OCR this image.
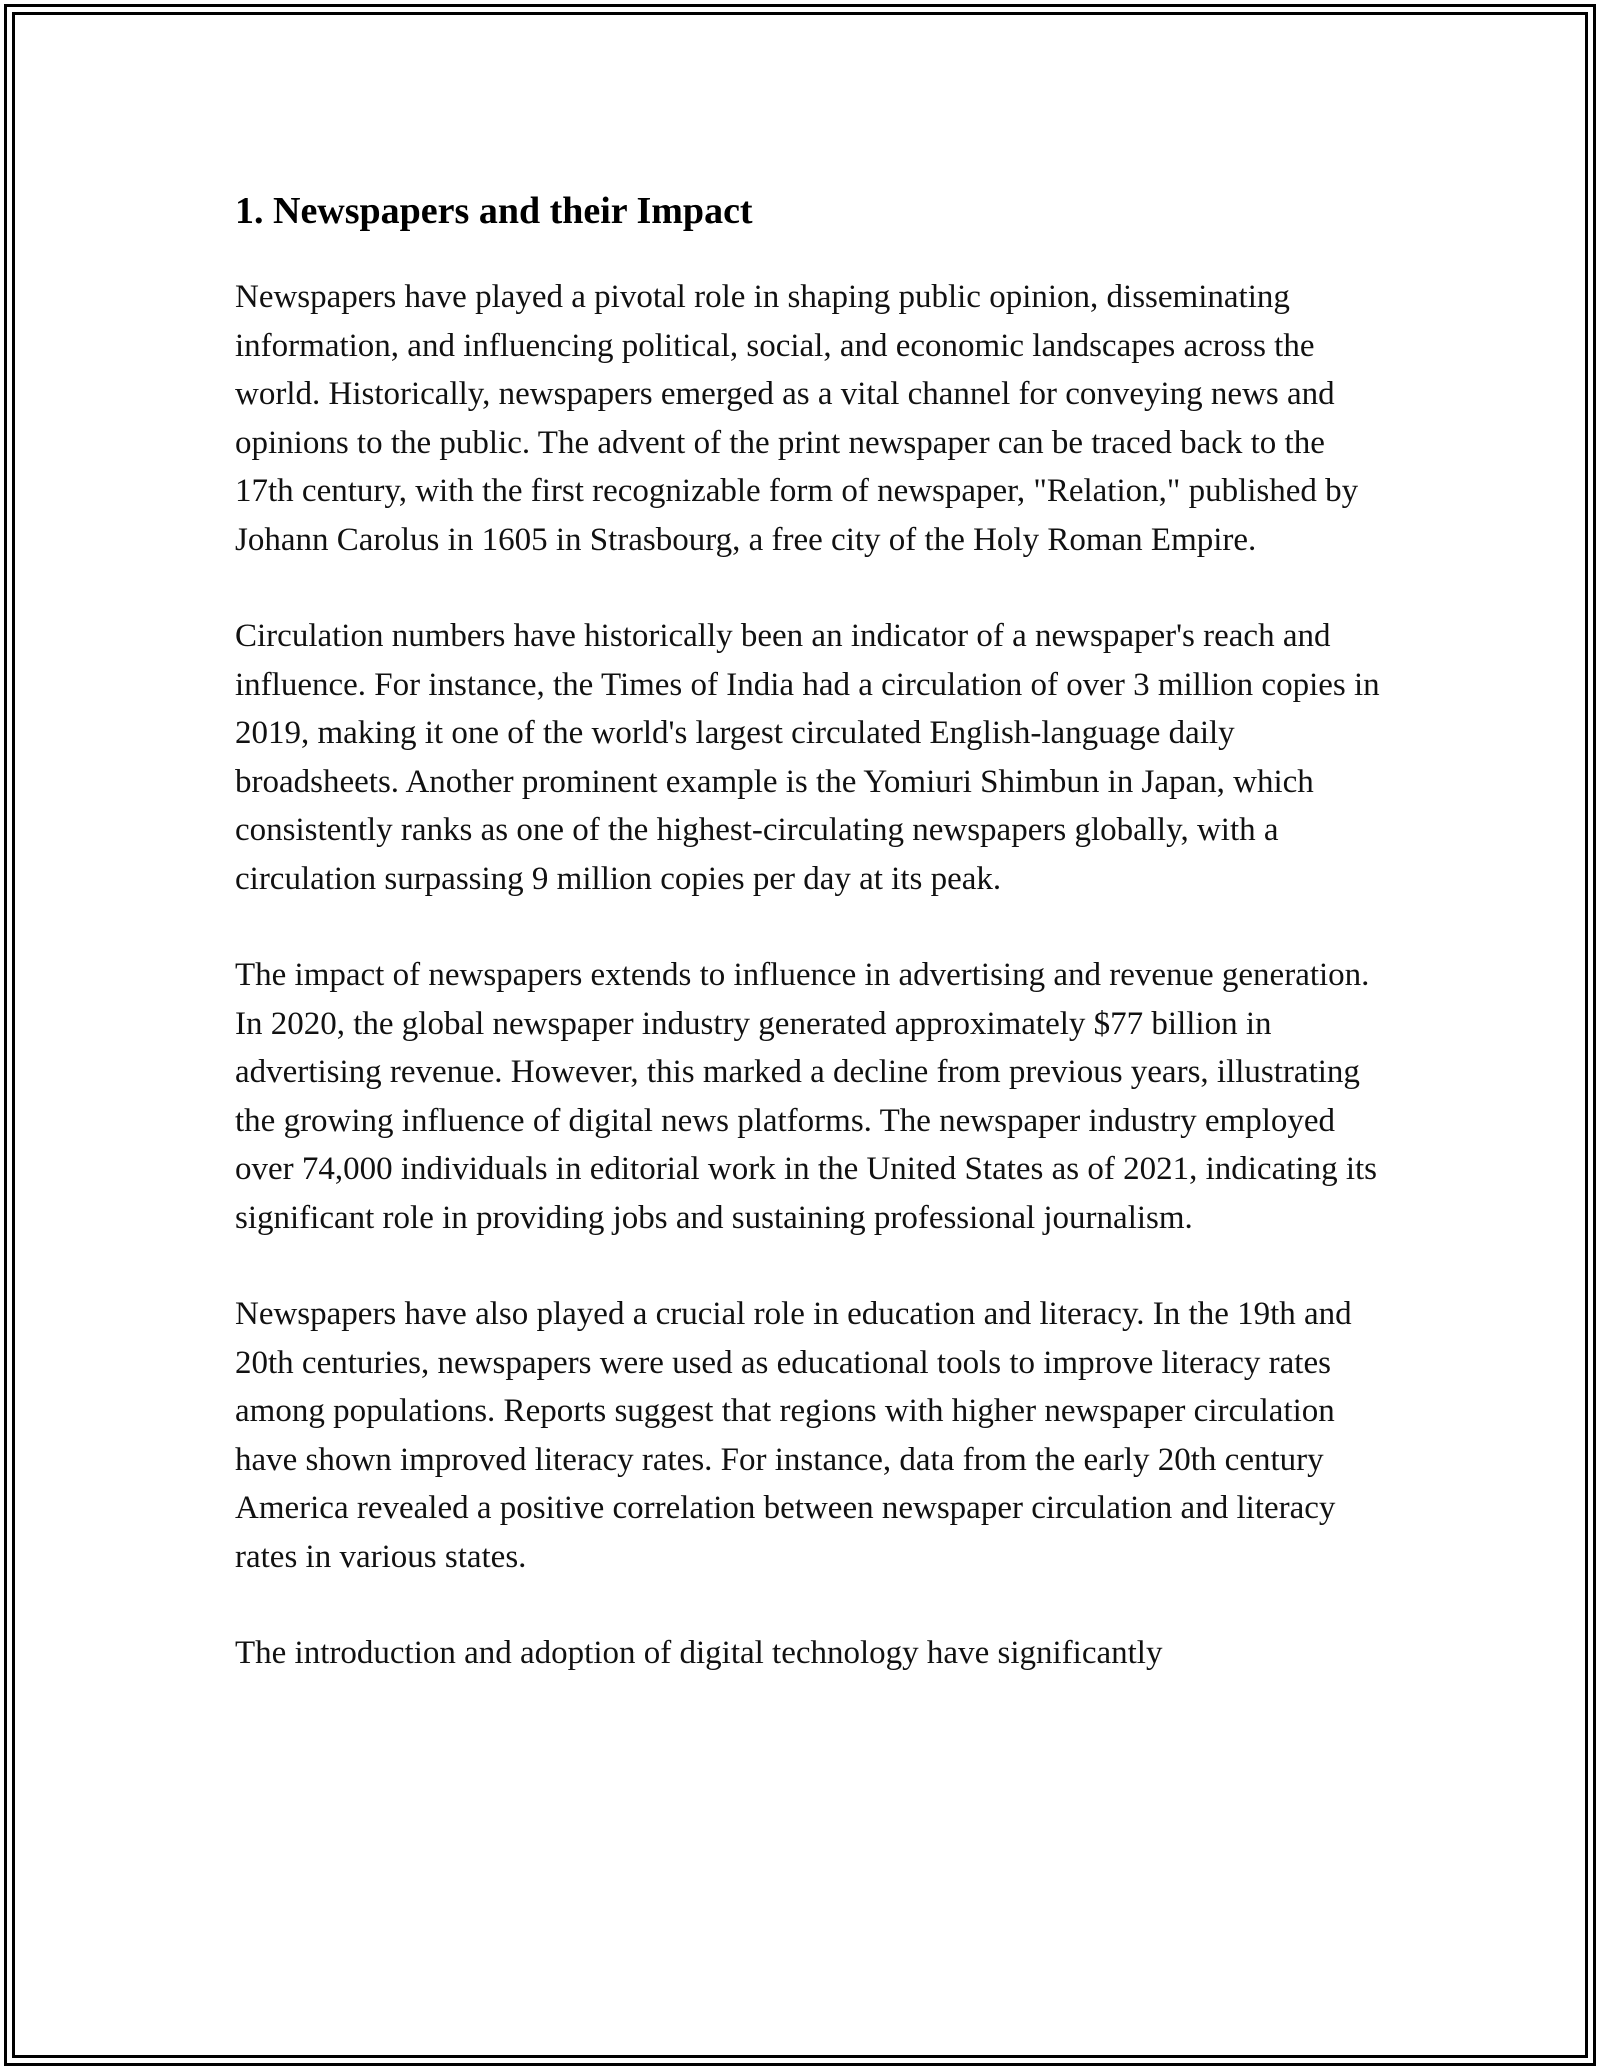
1. Newspapers and their Impact

Newspapers have played a pivotal role in shaping public opinion, disseminating information, and influencing political, social, and economic landscapes across the world. Historically, newspapers emerged as a vital channel for conveying news and opinions to the public. The advent of the print newspaper can be traced back to the 17th century, with the first recognizable form of newspaper, "Relation," published by Johann Carolus in 1605 in Strasbourg, a free city of the Holy Roman Empire.

Circulation numbers have historically been an indicator of a newspaper's reach and influence. For instance, the Times of India had a circulation of over 3 million copies in 2019, making it one of the world's largest circulated English-language daily broadsheets. Another prominent example is the Yomiuri Shimbun in Japan, which consistently ranks as one of the highest-circulating newspapers globally, with a circulation surpassing 9 million copies per day at its peak.

The impact of newspapers extends to influence in advertising and revenue generation. In 2020, the global newspaper industry generated approximately $77 billion in advertising revenue. However, this marked a decline from previous years, illustrating the growing influence of digital news platforms. The newspaper industry employed over 74,000 individuals in editorial work in the United States as of 2021, indicating its significant role in providing jobs and sustaining professional journalism.

Newspapers have also played a crucial role in education and literacy. In the 19th and 20th centuries, newspapers were used as educational tools to improve literacy rates among populations. Reports suggest that regions with higher newspaper circulation have shown improved literacy rates. For instance, data from the early 20th century America revealed a positive correlation between newspaper circulation and literacy rates in various states.

The introduction and adoption of digital technology have significantly
